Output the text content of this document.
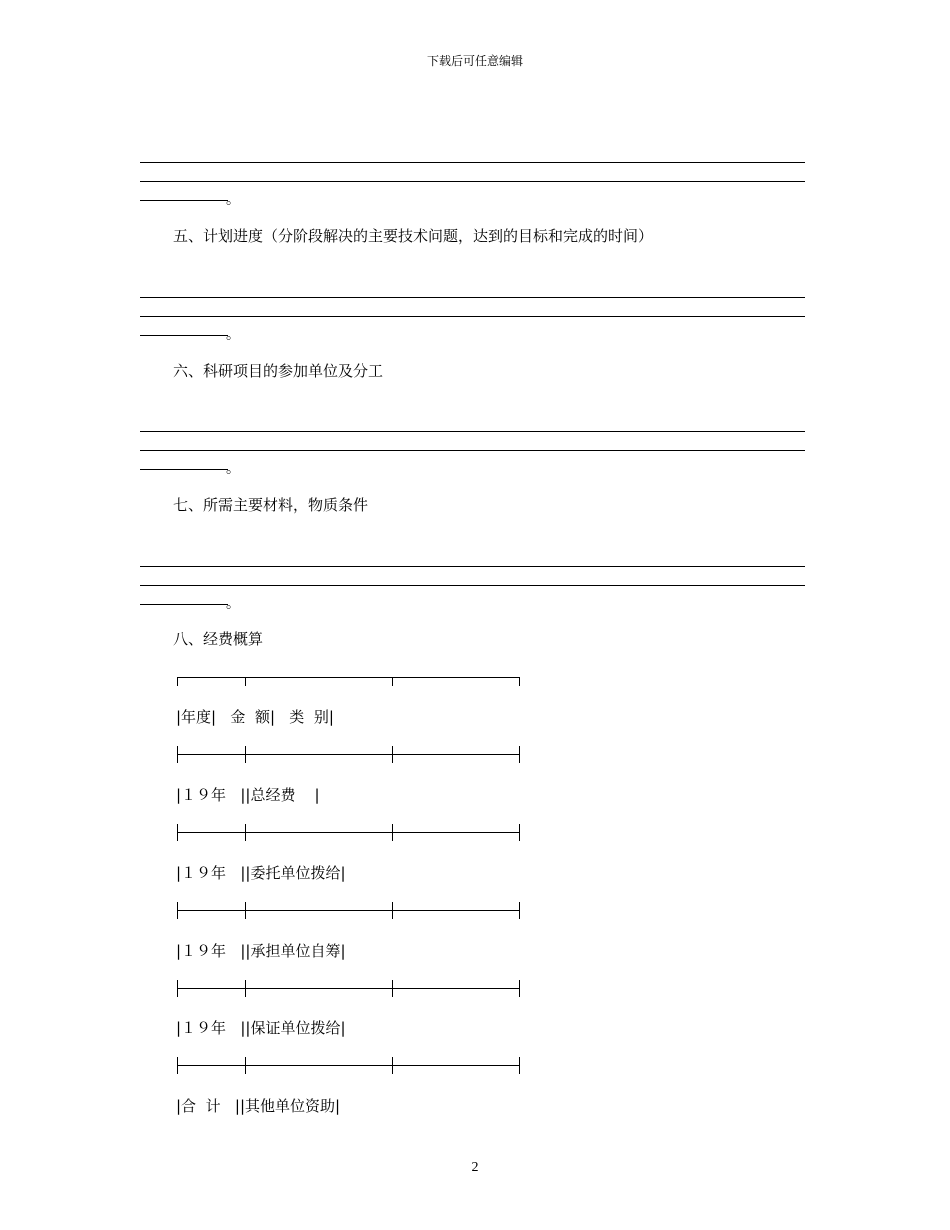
下载后可任意编辑
。
五、计划进度（分阶段解决的主要技术问题，达到的目标和完成的时间）
。
六、科研项目的参加单位及分工
。
七、所需主要材料，物质条件
。
八、经费概算
|年度|   金  额|   类  别|
|１９年   ||总经费    |
|１９年   ||委托单位拨给|
|１９年   ||承担单位自筹|
|１９年   ||保证单位拨给|
|合  计   ||其他单位资助|
2
